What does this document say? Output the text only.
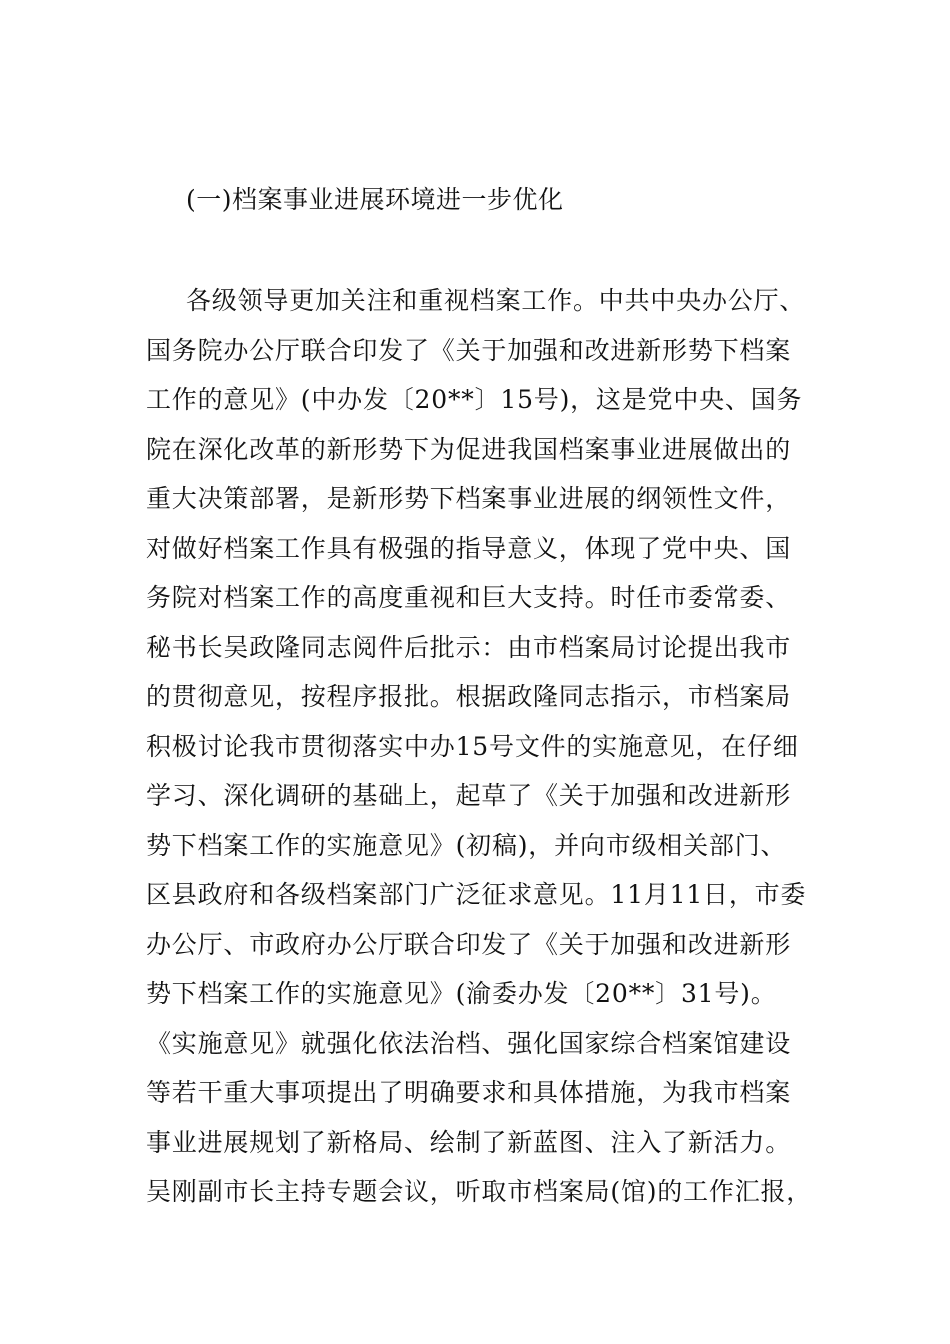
(一)档案事业进展环境进一步优化
各级领导更加关注和重视档案工作。中共中央办公厅、
国务院办公厅联合印发了《关于加强和改进新形势下档案
工作的意见》(中办发〔20**〕15号)，这是党中央、国务
院在深化改革的新形势下为促进我国档案事业进展做出的
重大决策部署，是新形势下档案事业进展的纲领性文件，
对做好档案工作具有极强的指导意义，体现了党中央、国
务院对档案工作的高度重视和巨大支持。时任市委常委、
秘书长吴政隆同志阅件后批示：由市档案局讨论提出我市
的贯彻意见，按程序报批。根据政隆同志指示，市档案局
积极讨论我市贯彻落实中办15号文件的实施意见，在仔细
学习、深化调研的基础上，起草了《关于加强和改进新形
势下档案工作的实施意见》(初稿)，并向市级相关部门、
区县政府和各级档案部门广泛征求意见。11月11日，市委
办公厅、市政府办公厅联合印发了《关于加强和改进新形
势下档案工作的实施意见》(渝委办发〔20**〕31号)。
《实施意见》就强化依法治档、强化国家综合档案馆建设
等若干重大事项提出了明确要求和具体措施，为我市档案
事业进展规划了新格局、绘制了新蓝图、注入了新活力。
吴刚副市长主持专题会议，听取市档案局(馆)的工作汇报，
